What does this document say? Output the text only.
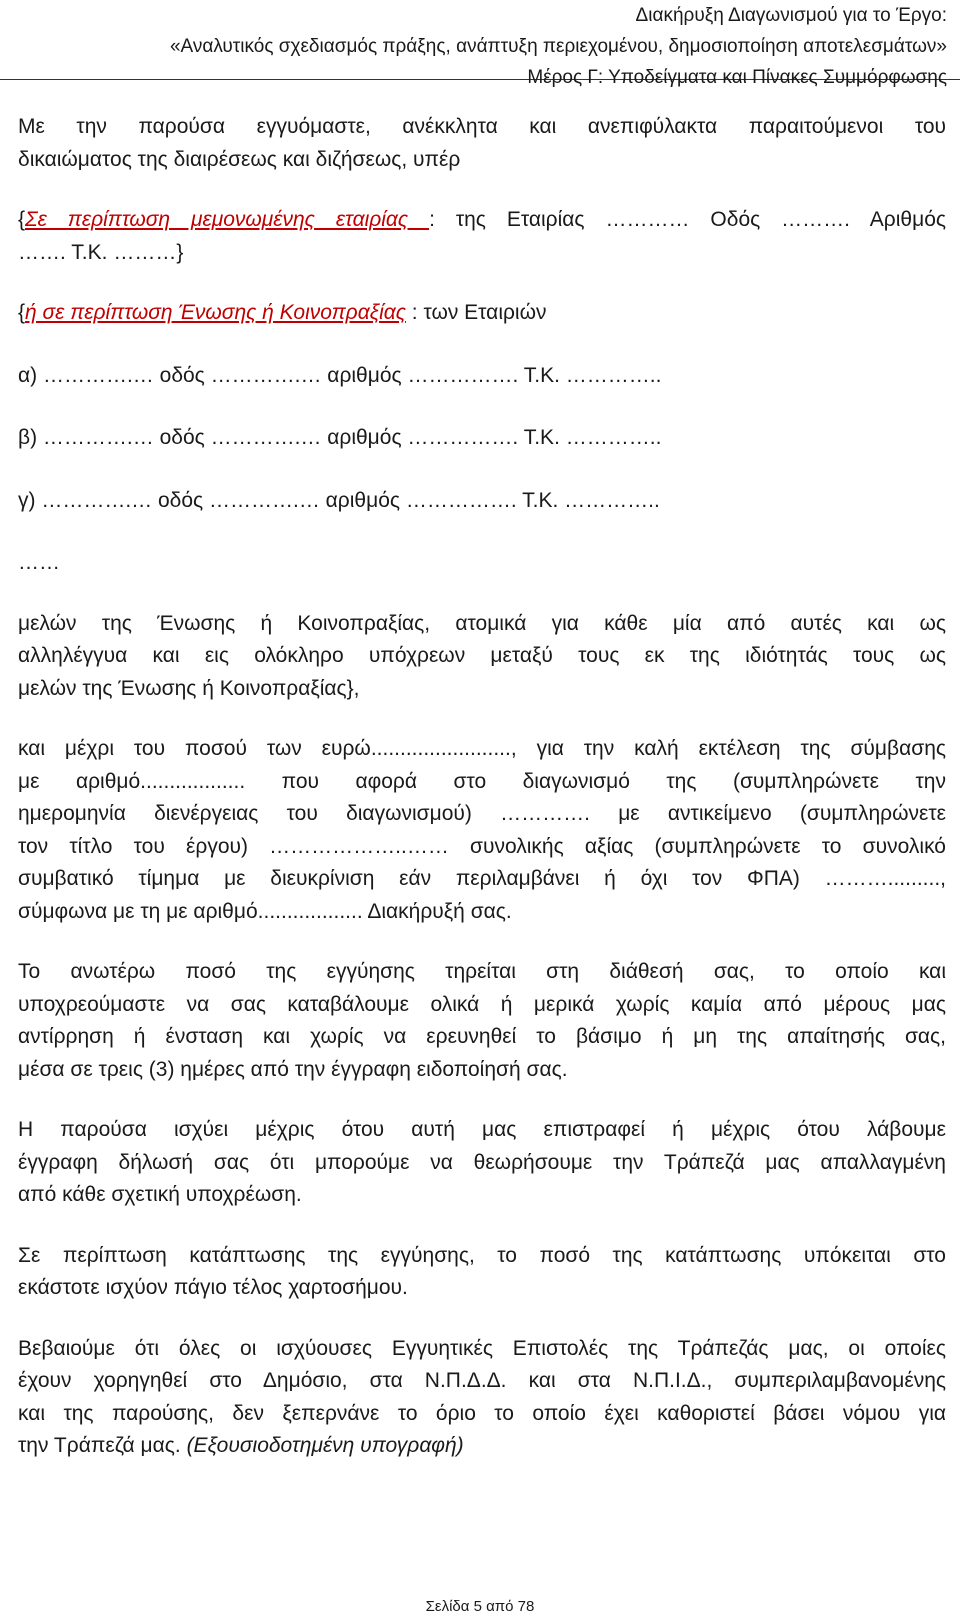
Διακήρυξη Διαγωνισμού για το Έργο:
«Αναλυτικός σχεδιασμός πράξης, ανάπτυξη περιεχομένου, δημοσιοποίηση αποτελεσμάτων»
Μέρος Γ: Υποδείγματα και Πίνακες Συμμόρφωσης
Με την παρούσα εγγυόμαστε, ανέκκλητα και ανεπιφύλακτα παραιτούμενοι του
δικαιώματος της διαιρέσεως και διζήσεως, υπέρ
{Σε περίπτωση μεμονωμένης εταιρίας : της Εταιρίας ………… Οδός ………. Αριθμός
……. Τ.Κ. ………}
{ή σε περίπτωση Ένωσης ή Κοινοπραξίας : των Εταιριών
α) ………….… οδός ………….… αριθμός ……………. Τ.Κ. …………..
β) ………….… οδός ………….… αριθμός ……………. Τ.Κ. …………..
γ) ………….… οδός ………….… αριθμός ……………. Τ.Κ. …………..
……
μελών της Ένωσης ή Κοινοπραξίας, ατομικά για κάθε μία από αυτές και ως
αλληλέγγυα και εις ολόκληρο υπόχρεων μεταξύ τους εκ της ιδιότητάς τους ως
μελών της Ένωσης ή Κοινοπραξίας},
και μέχρι του ποσού των ευρώ........................, για την καλή εκτέλεση της σύμβασης
με αριθμό.................. που αφορά στο διαγωνισμό της (συμπληρώνετε την
ημερομηνία διενέργειας του διαγωνισμού) …………. με αντικείμενο (συμπληρώνετε
τον τίτλο του έργου) ………………..…… συνολικής αξίας (συμπληρώνετε το συνολικό
συμβατικό τίμημα με διευκρίνιση εάν περιλαμβάνει ή όχι τον ΦΠΑ) ……….........,
σύμφωνα με τη με αριθμό.................. Διακήρυξή σας.
Το ανωτέρω ποσό της εγγύησης τηρείται στη διάθεσή σας, το οποίο και
υποχρεούμαστε να σας καταβάλουμε ολικά ή μερικά χωρίς καμία από μέρους μας
αντίρρηση ή ένσταση και χωρίς να ερευνηθεί το βάσιμο ή μη της απαίτησής σας,
μέσα σε τρεις (3) ημέρες από την έγγραφη ειδοποίησή σας.
Η παρούσα ισχύει μέχρις ότου αυτή μας επιστραφεί ή μέχρις ότου λάβουμε
έγγραφη δήλωσή σας ότι μπορούμε να θεωρήσουμε την Τράπεζά μας απαλλαγμένη
από κάθε σχετική υποχρέωση.
Σε περίπτωση κατάπτωσης της εγγύησης, το ποσό της κατάπτωσης υπόκειται στο
εκάστοτε ισχύον πάγιο τέλος χαρτοσήμου.
Βεβαιούμε ότι όλες οι ισχύουσες Εγγυητικές Επιστολές της Τράπεζάς μας, οι οποίες
έχουν χορηγηθεί στο Δημόσιο, στα Ν.Π.Δ.Δ. και στα Ν.Π.Ι.Δ., συμπεριλαμβανομένης
και της παρούσης, δεν ξεπερνάνε το όριο το οποίο έχει καθοριστεί βάσει νόμου για
την Τράπεζά μας. (Εξουσιοδοτημένη υπογραφή)
Σελίδα 5 από 78
